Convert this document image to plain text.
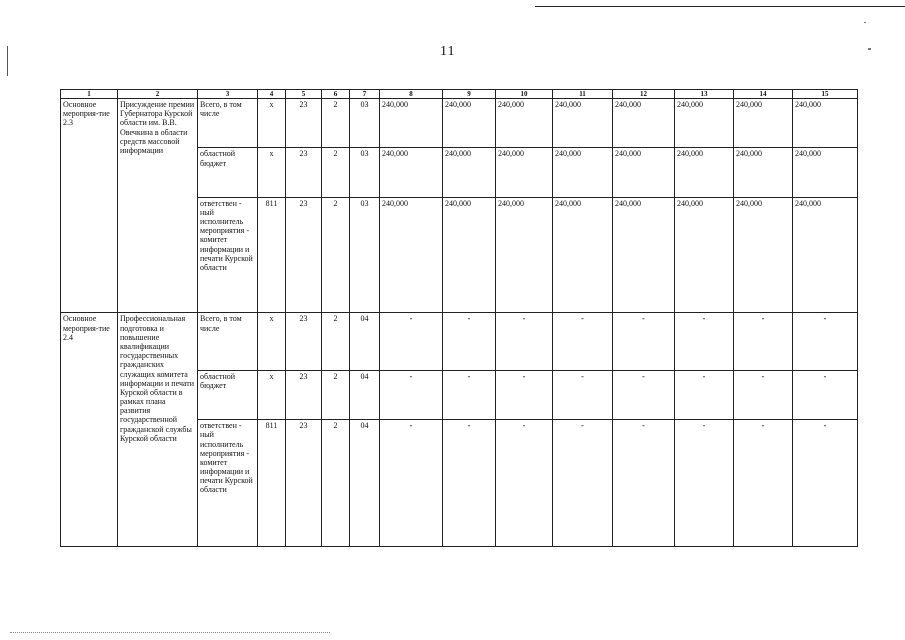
11
1	2	3	4	5	6	7	8	9	10	11	12	13	14	15
Основное мероприя-тие 2.3	Присуждение премии Губернатора Курской области им. В.В. Овечкина в области средств массовой информации	Всего, в том числе	х	23	2	03	240,000	240,000	240,000	240,000	240,000	240,000	240,000	240,000
		областной бюджет	х	23	2	03	240,000	240,000	240,000	240,000	240,000	240,000	240,000	240,000
		ответствен - ный исполнитель мероприятия - комитет информации и печати Курской области	811	23	2	03	240,000	240,000	240,000	240,000	240,000	240,000	240,000	240,000
Основное мероприя-тие 2.4	Профессиональная подготовка и повышение квалификации государственных гражданских служащих комитета информации и печати Курской области в рамках плана развития государственной гражданской службы Курской области	Всего, в том числе	х	23	2	04	-	-	-	-	-	-	-	-
		областной бюджет	х	23	2	04	-	-	-	-	-	-	-	-
		ответствен - ный исполнитель мероприятия - комитет информации и печати Курской области	811	23	2	04	-	-	-	-	-	-	-	-
